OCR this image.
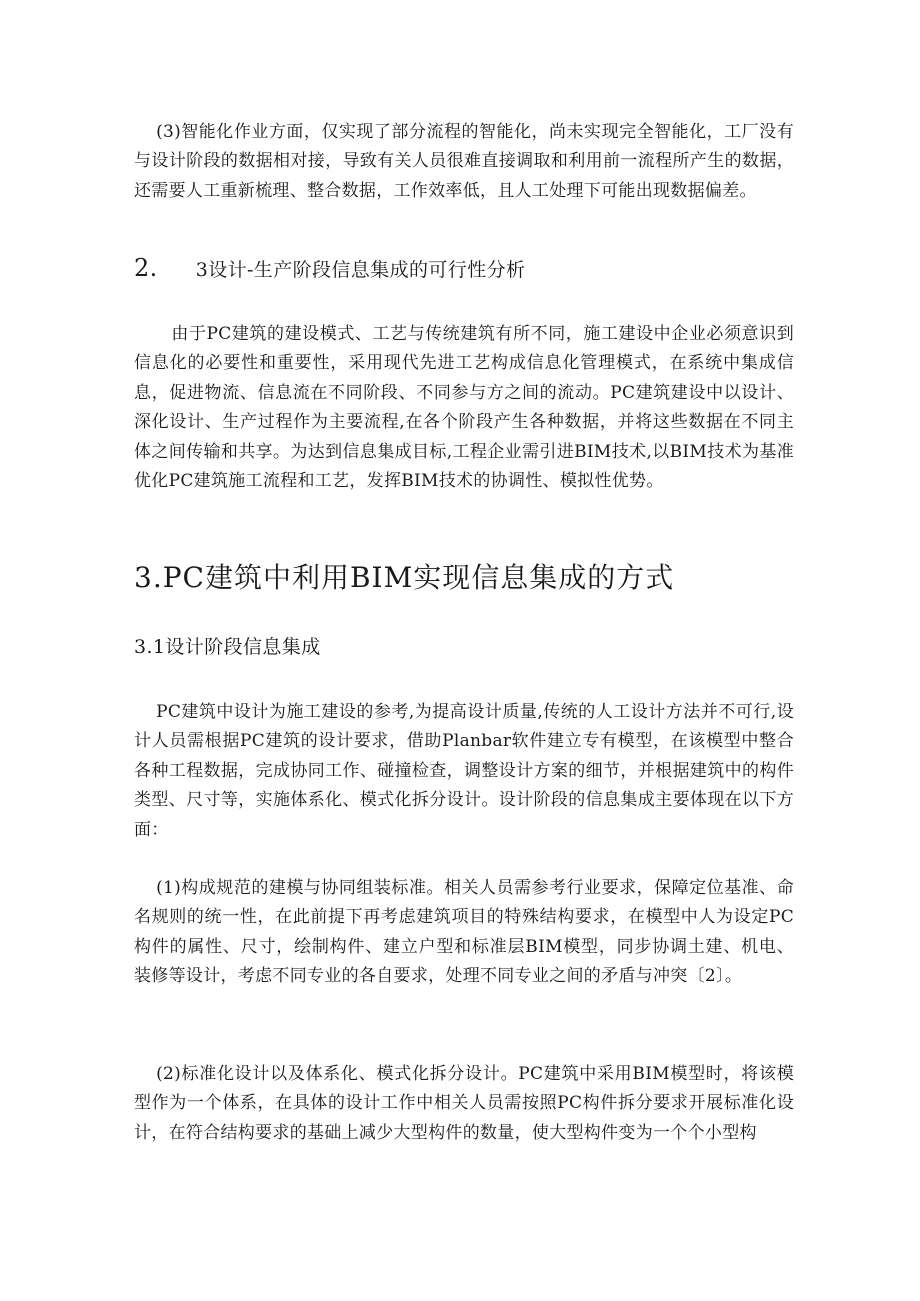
(3)智能化作业方面，仅实现了部分流程的智能化，尚未实现完全智能化，工厂没有与设计阶段的数据相对接，导致有关人员很难直接调取和利用前一流程所产生的数据，还需要人工重新梳理、整合数据，工作效率低，且人工处理下可能出现数据偏差。

2. 3设计-生产阶段信息集成的可行性分析

由于PC建筑的建设模式、工艺与传统建筑有所不同，施工建设中企业必须意识到信息化的必要性和重要性，采用现代先进工艺构成信息化管理模式，在系统中集成信息，促进物流、信息流在不同阶段、不同参与方之间的流动。PC建筑建设中以设计、深化设计、生产过程作为主要流程,在各个阶段产生各种数据，并将这些数据在不同主体之间传输和共享。为达到信息集成目标,工程企业需引进BIM技术,以BIM技术为基准优化PC建筑施工流程和工艺，发挥BIM技术的协调性、模拟性优势。

3.PC建筑中利用BIM实现信息集成的方式
3.1设计阶段信息集成

PC建筑中设计为施工建设的参考,为提高设计质量,传统的人工设计方法并不可行,设计人员需根据PC建筑的设计要求，借助Planbar软件建立专有模型，在该模型中整合各种工程数据，完成协同工作、碰撞检查，调整设计方案的细节，并根据建筑中的构件类型、尺寸等，实施体系化、模式化拆分设计。设计阶段的信息集成主要体现在以下方面：

(1)构成规范的建模与协同组装标准。相关人员需参考行业要求，保障定位基准、命名规则的统一性，在此前提下再考虑建筑项目的特殊结构要求，在模型中人为设定PC构件的属性、尺寸，绘制构件、建立户型和标准层BIM模型，同步协调土建、机电、装修等设计，考虑不同专业的各自要求，处理不同专业之间的矛盾与冲突〔2〕。

(2)标准化设计以及体系化、模式化拆分设计。PC建筑中采用BIM模型时，将该模型作为一个体系，在具体的设计工作中相关人员需按照PC构件拆分要求开展标准化设计，在符合结构要求的基础上减少大型构件的数量，使大型构件变为一个个小型构
